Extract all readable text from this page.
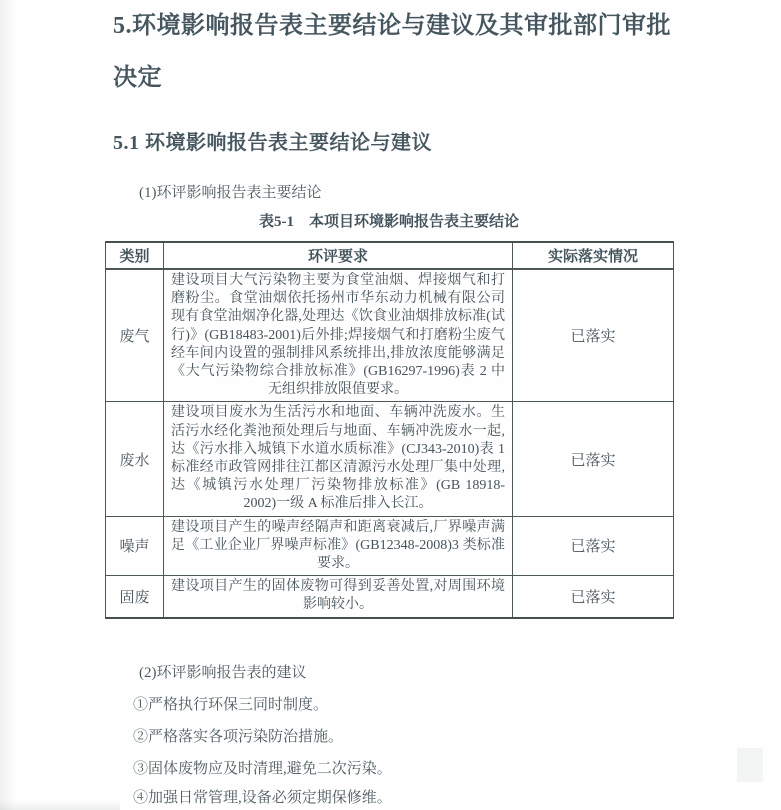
5.环境影响报告表主要结论与建议及其审批部门审批
决定
5.1 环境影响报告表主要结论与建议
(1)环评影响报告表主要结论
表5-1　本项目环境影响报告表主要结论
类别	环评要求	实际落实情况
废气	建设项目大气污染物主要为食堂油烟、焊接烟气和打磨粉尘。食堂油烟依托扬州市华东动力机械有限公司现有食堂油烟净化器,处理达《饮食业油烟排放标准(试行)》(GB18483-2001)后外排;焊接烟气和打磨粉尘废气经车间内设置的强制排风系统排出,排放浓度能够满足《大气污染物综合排放标准》(GB16297-1996)表 2 中无组织排放限值要求。	已落实
废水	建设项目废水为生活污水和地面、车辆冲洗废水。生活污水经化粪池预处理后与地面、车辆冲洗废水一起,达《污水排入城镇下水道水质标准》(CJ343-2010)表 1 标准经市政管网排往江都区清源污水处理厂集中处理,达《城镇污水处理厂污染物排放标准》(GB 18918-2002)一级 A 标准后排入长江。	已落实
噪声	建设项目产生的噪声经隔声和距离衰减后,厂界噪声满足《工业企业厂界噪声标准》(GB12348-2008)3 类标准要求。	已落实
固废	建设项目产生的固体废物可得到妥善处置,对周围环境影响较小。	已落实
(2)环评影响报告表的建议
①严格执行环保三同时制度。
②严格落实各项污染防治措施。
③固体废物应及时清理,避免二次污染。
④加强日常管理,设备必须定期保修维。
